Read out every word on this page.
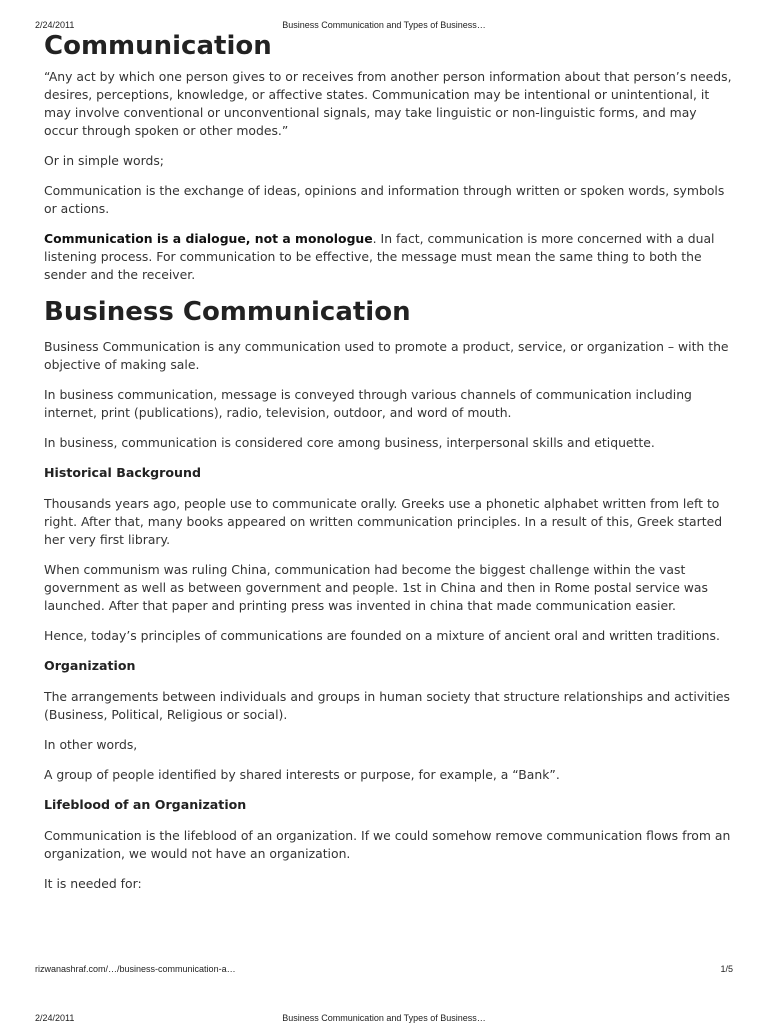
2/24/2011	Business Communication and Types of Business…
Communication

“Any act by which one person gives to or receives from another person information about that person’s needs, desires, perceptions, knowledge, or affective states. Communication may be intentional or unintentional, it may involve conventional or unconventional signals, may take linguistic or non-linguistic forms, and may occur through spoken or other modes.”

Or in simple words;

Communication is the exchange of ideas, opinions and information through written or spoken words, symbols or actions.

Communication is a dialogue, not a monologue. In fact, communication is more concerned with a dual listening process. For communication to be effective, the message must mean the same thing to both the sender and the receiver.

Business Communication

Business Communication is any communication used to promote a product, service, or organization – with the objective of making sale.

In business communication, message is conveyed through various channels of communication including internet, print (publications), radio, television, outdoor, and word of mouth.

In business, communication is considered core among business, interpersonal skills and etiquette.

Historical Background

Thousands years ago, people use to communicate orally. Greeks use a phonetic alphabet written from left to right. After that, many books appeared on written communication principles. In a result of this, Greek started her very first library.

When communism was ruling China, communication had become the biggest challenge within the vast government as well as between government and people. 1st in China and then in Rome postal service was launched. After that paper and printing press was invented in china that made communication easier.

Hence, today’s principles of communications are founded on a mixture of ancient oral and written traditions.

Organization

The arrangements between individuals and groups in human society that structure relationships and activities (Business, Political, Religious or social).

In other words,

A group of people identified by shared interests or purpose, for example, a “Bank”.

Lifeblood of an Organization

Communication is the lifeblood of an organization. If we could somehow remove communication flows from an organization, we would not have an organization.

It is needed for:

rizwanashraf.com/…/business-communication-a…	1/5
2/24/2011	Business Communication and Types of Business…
